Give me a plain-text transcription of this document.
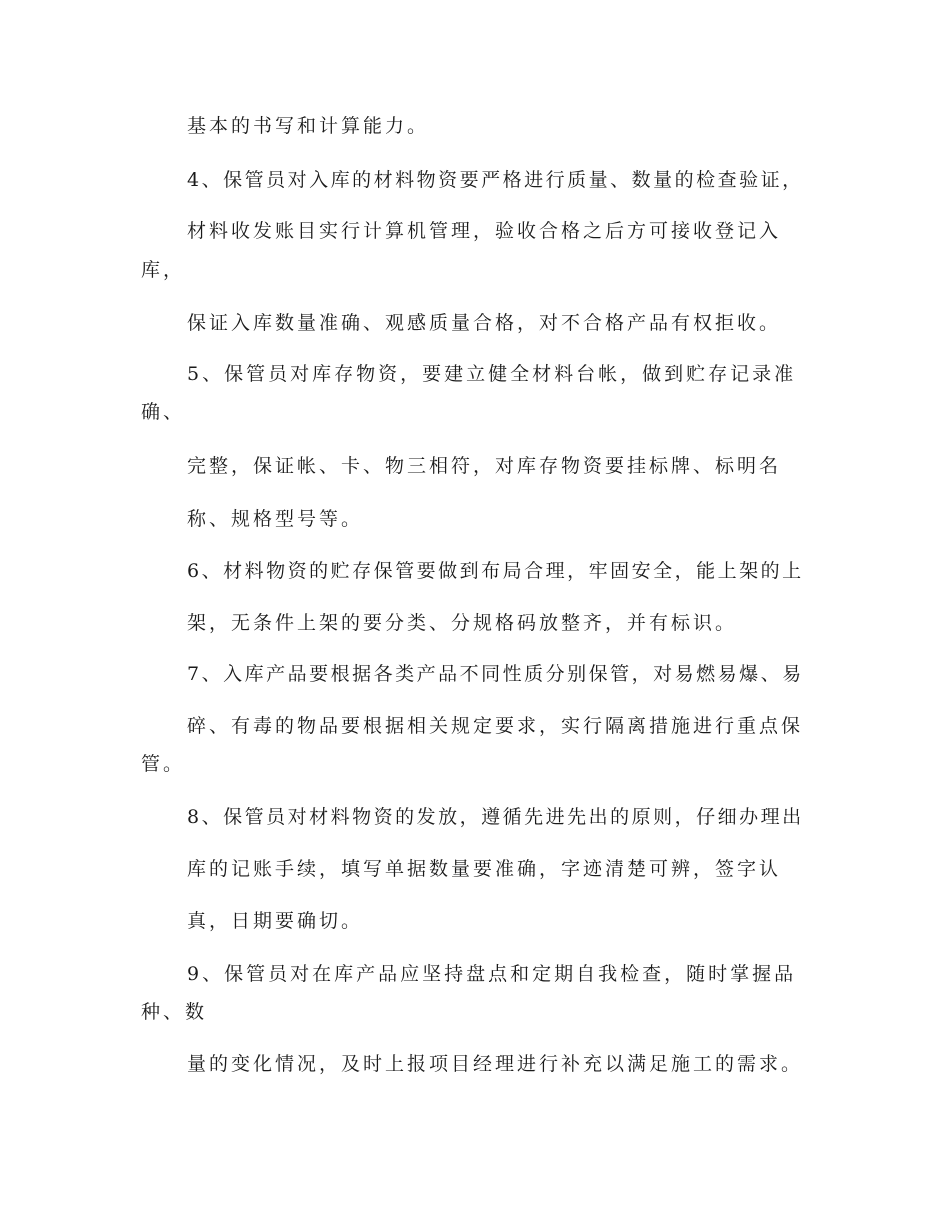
基本的书写和计算能力。
4、保管员对入库的材料物资要严格进行质量、数量的检查验证，
材料收发账目实行计算机管理，验收合格之后方可接收登记入
库，
保证入库数量准确、观感质量合格，对不合格产品有权拒收。
5、保管员对库存物资，要建立健全材料台帐，做到贮存记录准
确、
完整，保证帐、卡、物三相符，对库存物资要挂标牌、标明名
称、规格型号等。
6、材料物资的贮存保管要做到布局合理，牢固安全，能上架的上
架，无条件上架的要分类、分规格码放整齐，并有标识。
7、入库产品要根据各类产品不同性质分别保管，对易燃易爆、易
碎、有毒的物品要根据相关规定要求，实行隔离措施进行重点保
管。
8、保管员对材料物资的发放，遵循先进先出的原则，仔细办理出
库的记账手续，填写单据数量要准确，字迹清楚可辨，签字认
真，日期要确切。
9、保管员对在库产品应坚持盘点和定期自我检查，随时掌握品
种、数
量的变化情况，及时上报项目经理进行补充以满足施工的需求。
